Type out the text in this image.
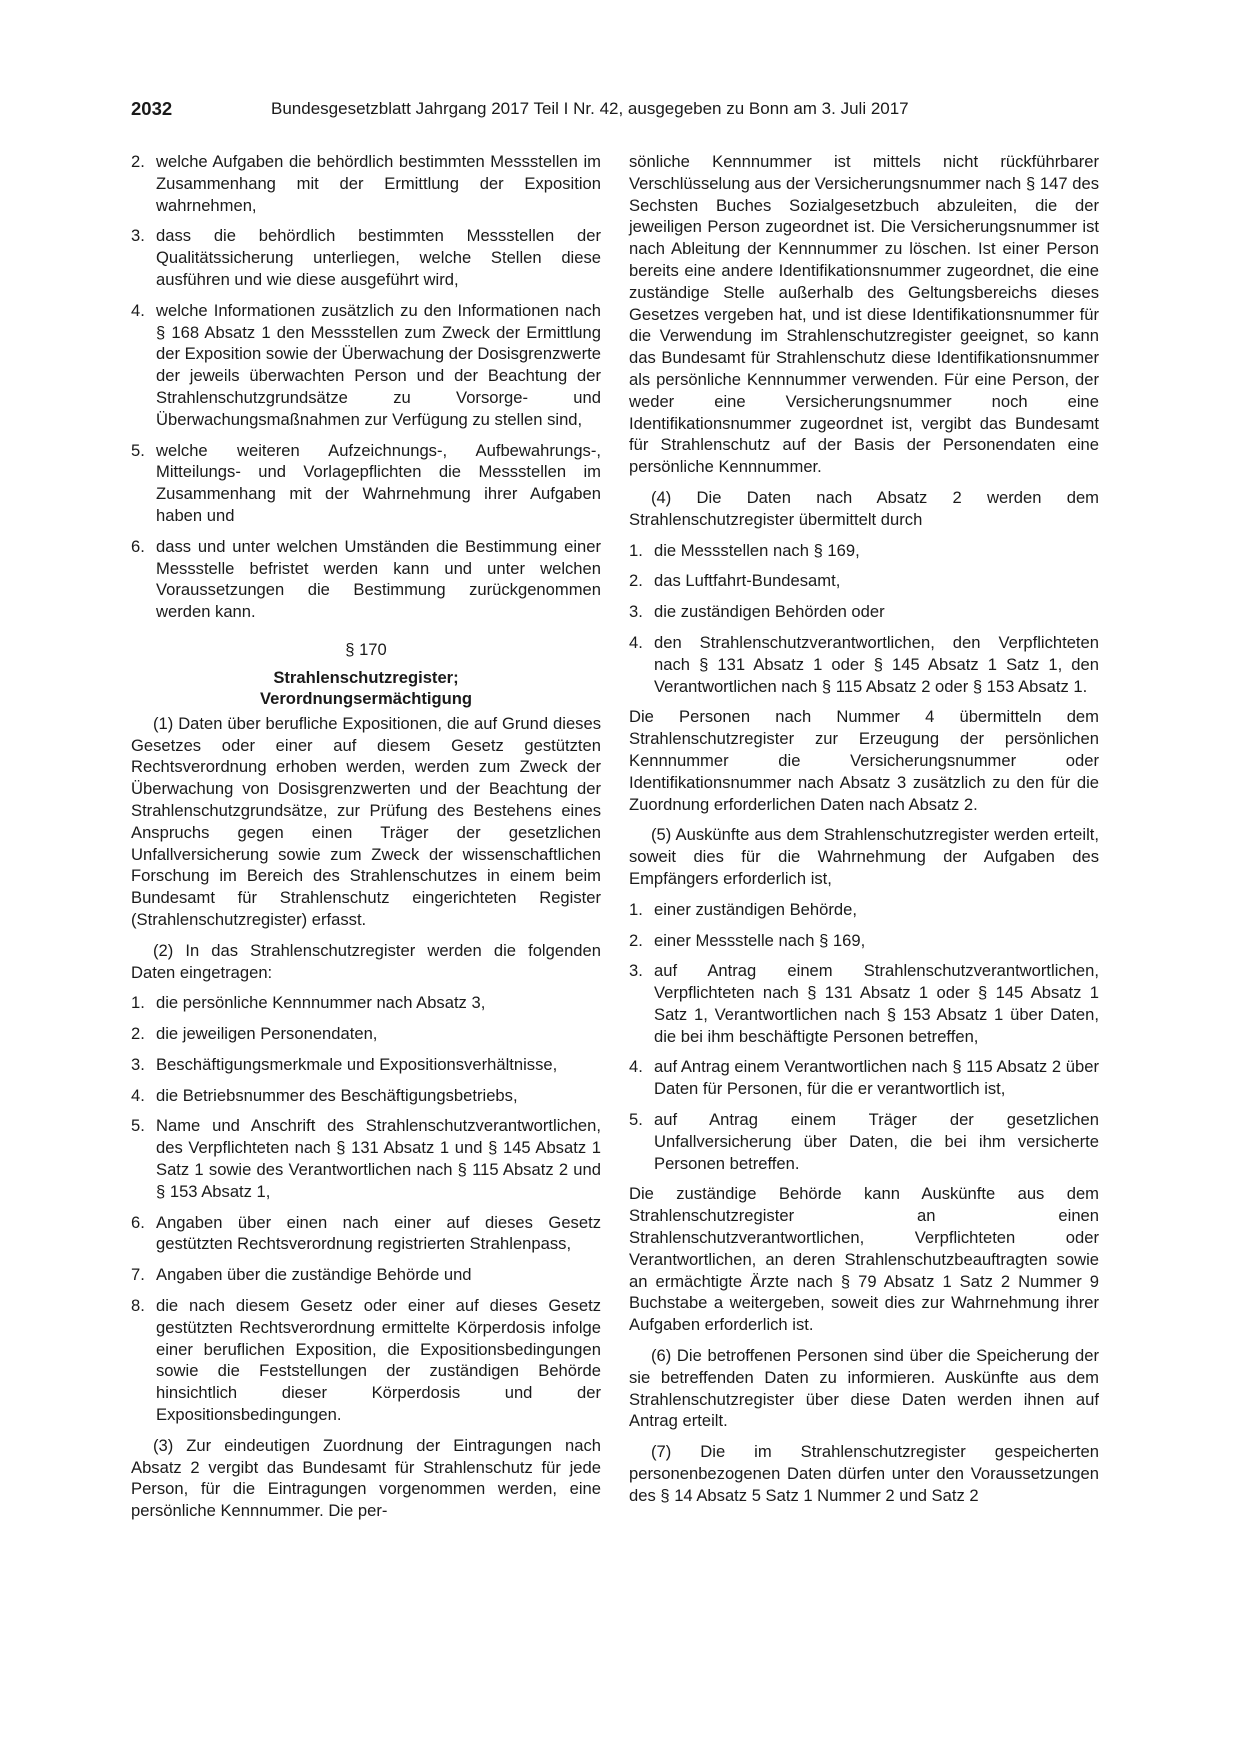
2032	Bundesgesetzblatt Jahrgang 2017 Teil I Nr. 42, ausgegeben zu Bonn am 3. Juli 2017
2. welche Aufgaben die behördlich bestimmten Messstellen im Zusammenhang mit der Ermittlung der Exposition wahrnehmen,
3. dass die behördlich bestimmten Messstellen der Qualitätssicherung unterliegen, welche Stellen diese ausführen und wie diese ausgeführt wird,
4. welche Informationen zusätzlich zu den Informationen nach § 168 Absatz 1 den Messstellen zum Zweck der Ermittlung der Exposition sowie der Überwachung der Dosisgrenzwerte der jeweils überwachten Person und der Beachtung der Strahlenschutzgrundsätze zu Vorsorge- und Überwachungsmaßnahmen zur Verfügung zu stellen sind,
5. welche weiteren Aufzeichnungs-, Aufbewahrungs-, Mitteilungs- und Vorlagepflichten die Messstellen im Zusammenhang mit der Wahrnehmung ihrer Aufgaben haben und
6. dass und unter welchen Umständen die Bestimmung einer Messstelle befristet werden kann und unter welchen Voraussetzungen die Bestimmung zurückgenommen werden kann.
§ 170
Strahlenschutzregister;
Verordnungsermächtigung

(1) Daten über berufliche Expositionen, die auf Grund dieses Gesetzes oder einer auf diesem Gesetz gestützten Rechtsverordnung erhoben werden, werden zum Zweck der Überwachung von Dosisgrenzwerten und der Beachtung der Strahlenschutzgrundsätze, zur Prüfung des Bestehens eines Anspruchs gegen einen Träger der gesetzlichen Unfallversicherung sowie zum Zweck der wissenschaftlichen Forschung im Bereich des Strahlenschutzes in einem beim Bundesamt für Strahlenschutz eingerichteten Register (Strahlenschutzregister) erfasst.

(2) In das Strahlenschutzregister werden die folgenden Daten eingetragen:

1. die persönliche Kennnummer nach Absatz 3,
2. die jeweiligen Personendaten,
3. Beschäftigungsmerkmale und Expositionsverhältnisse,
4. die Betriebsnummer des Beschäftigungsbetriebs,
5. Name und Anschrift des Strahlenschutzverantwortlichen, des Verpflichteten nach § 131 Absatz 1 und § 145 Absatz 1 Satz 1 sowie des Verantwortlichen nach § 115 Absatz 2 und § 153 Absatz 1,
6. Angaben über einen nach einer auf dieses Gesetz gestützten Rechtsverordnung registrierten Strahlenpass,
7. Angaben über die zuständige Behörde und
8. die nach diesem Gesetz oder einer auf dieses Gesetz gestützten Rechtsverordnung ermittelte Körperdosis infolge einer beruflichen Exposition, die Expositionsbedingungen sowie die Feststellungen der zuständigen Behörde hinsichtlich dieser Körperdosis und der Expositionsbedingungen.

(3) Zur eindeutigen Zuordnung der Eintragungen nach Absatz 2 vergibt das Bundesamt für Strahlenschutz für jede Person, für die Eintragungen vorgenommen werden, eine persönliche Kennnummer. Die per-

sönliche Kennnummer ist mittels nicht rückführbarer Verschlüsselung aus der Versicherungsnummer nach § 147 des Sechsten Buches Sozialgesetzbuch abzuleiten, die der jeweiligen Person zugeordnet ist. Die Versicherungsnummer ist nach Ableitung der Kennnummer zu löschen. Ist einer Person bereits eine andere Identifikationsnummer zugeordnet, die eine zuständige Stelle außerhalb des Geltungsbereichs dieses Gesetzes vergeben hat, und ist diese Identifikationsnummer für die Verwendung im Strahlenschutzregister geeignet, so kann das Bundesamt für Strahlenschutz diese Identifikationsnummer als persönliche Kennnummer verwenden. Für eine Person, der weder eine Versicherungsnummer noch eine Identifikationsnummer zugeordnet ist, vergibt das Bundesamt für Strahlenschutz auf der Basis der Personendaten eine persönliche Kennnummer.

(4) Die Daten nach Absatz 2 werden dem Strahlenschutzregister übermittelt durch

1. die Messstellen nach § 169,
2. das Luftfahrt-Bundesamt,
3. die zuständigen Behörden oder
4. den Strahlenschutzverantwortlichen, den Verpflichteten nach § 131 Absatz 1 oder § 145 Absatz 1 Satz 1, den Verantwortlichen nach § 115 Absatz 2 oder § 153 Absatz 1.

Die Personen nach Nummer 4 übermitteln dem Strahlenschutzregister zur Erzeugung der persönlichen Kennnummer die Versicherungsnummer oder Identifikationsnummer nach Absatz 3 zusätzlich zu den für die Zuordnung erforderlichen Daten nach Absatz 2.

(5) Auskünfte aus dem Strahlenschutzregister werden erteilt, soweit dies für die Wahrnehmung der Aufgaben des Empfängers erforderlich ist,

1. einer zuständigen Behörde,
2. einer Messstelle nach § 169,
3. auf Antrag einem Strahlenschutzverantwortlichen, Verpflichteten nach § 131 Absatz 1 oder § 145 Absatz 1 Satz 1, Verantwortlichen nach § 153 Absatz 1 über Daten, die bei ihm beschäftigte Personen betreffen,
4. auf Antrag einem Verantwortlichen nach § 115 Absatz 2 über Daten für Personen, für die er verantwortlich ist,
5. auf Antrag einem Träger der gesetzlichen Unfallversicherung über Daten, die bei ihm versicherte Personen betreffen.

Die zuständige Behörde kann Auskünfte aus dem Strahlenschutzregister an einen Strahlenschutzverantwortlichen, Verpflichteten oder Verantwortlichen, an deren Strahlenschutzbeauftragten sowie an ermächtigte Ärzte nach § 79 Absatz 1 Satz 2 Nummer 9 Buchstabe a weitergeben, soweit dies zur Wahrnehmung ihrer Aufgaben erforderlich ist.

(6) Die betroffenen Personen sind über die Speicherung der sie betreffenden Daten zu informieren. Auskünfte aus dem Strahlenschutzregister über diese Daten werden ihnen auf Antrag erteilt.

(7) Die im Strahlenschutzregister gespeicherten personenbezogenen Daten dürfen unter den Voraussetzungen des § 14 Absatz 5 Satz 1 Nummer 2 und Satz 2
